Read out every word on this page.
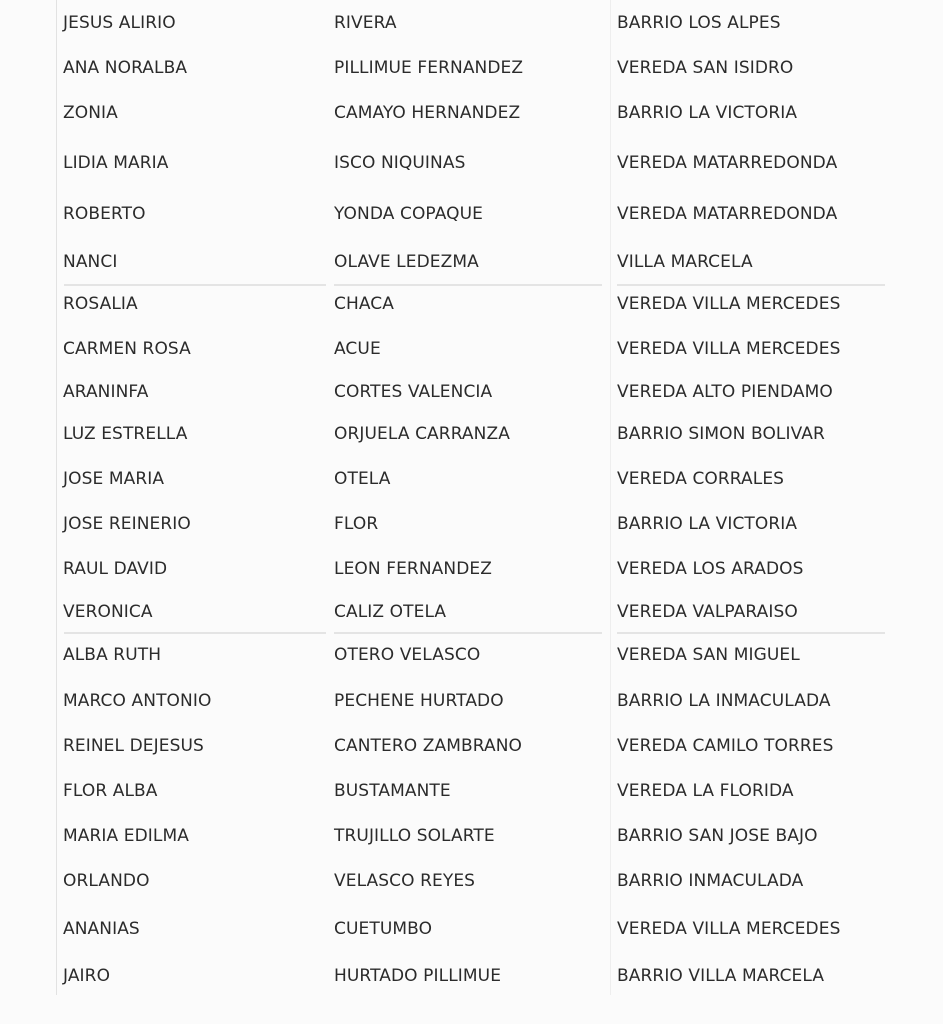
JESUS ALIRIO	RIVERA	BARRIO LOS ALPES
ANA NORALBA	PILLIMUE FERNANDEZ	VEREDA SAN ISIDRO
ZONIA	CAMAYO HERNANDEZ	BARRIO LA VICTORIA
LIDIA MARIA	ISCO NIQUINAS	VEREDA MATARREDONDA
ROBERTO	YONDA COPAQUE	VEREDA MATARREDONDA
NANCI	OLAVE LEDEZMA	VILLA MARCELA
ROSALIA	CHACA	VEREDA VILLA MERCEDES
CARMEN ROSA	ACUE	VEREDA VILLA MERCEDES
ARANINFA	CORTES VALENCIA	VEREDA ALTO PIENDAMO
LUZ ESTRELLA	ORJUELA CARRANZA	BARRIO SIMON BOLIVAR
JOSE MARIA	OTELA	VEREDA CORRALES
JOSE REINERIO	FLOR	BARRIO LA VICTORIA
RAUL DAVID	LEON FERNANDEZ	VEREDA LOS ARADOS
VERONICA	CALIZ OTELA	VEREDA VALPARAISO
ALBA RUTH	OTERO VELASCO	VEREDA SAN MIGUEL
MARCO ANTONIO	PECHENE HURTADO	BARRIO LA INMACULADA
REINEL DEJESUS	CANTERO ZAMBRANO	VEREDA CAMILO TORRES
FLOR ALBA	BUSTAMANTE	VEREDA LA FLORIDA
MARIA EDILMA	TRUJILLO SOLARTE	BARRIO SAN JOSE BAJO
ORLANDO	VELASCO REYES	BARRIO INMACULADA
ANANIAS	CUETUMBO	VEREDA VILLA MERCEDES
JAIRO	HURTADO PILLIMUE	BARRIO VILLA MARCELA
